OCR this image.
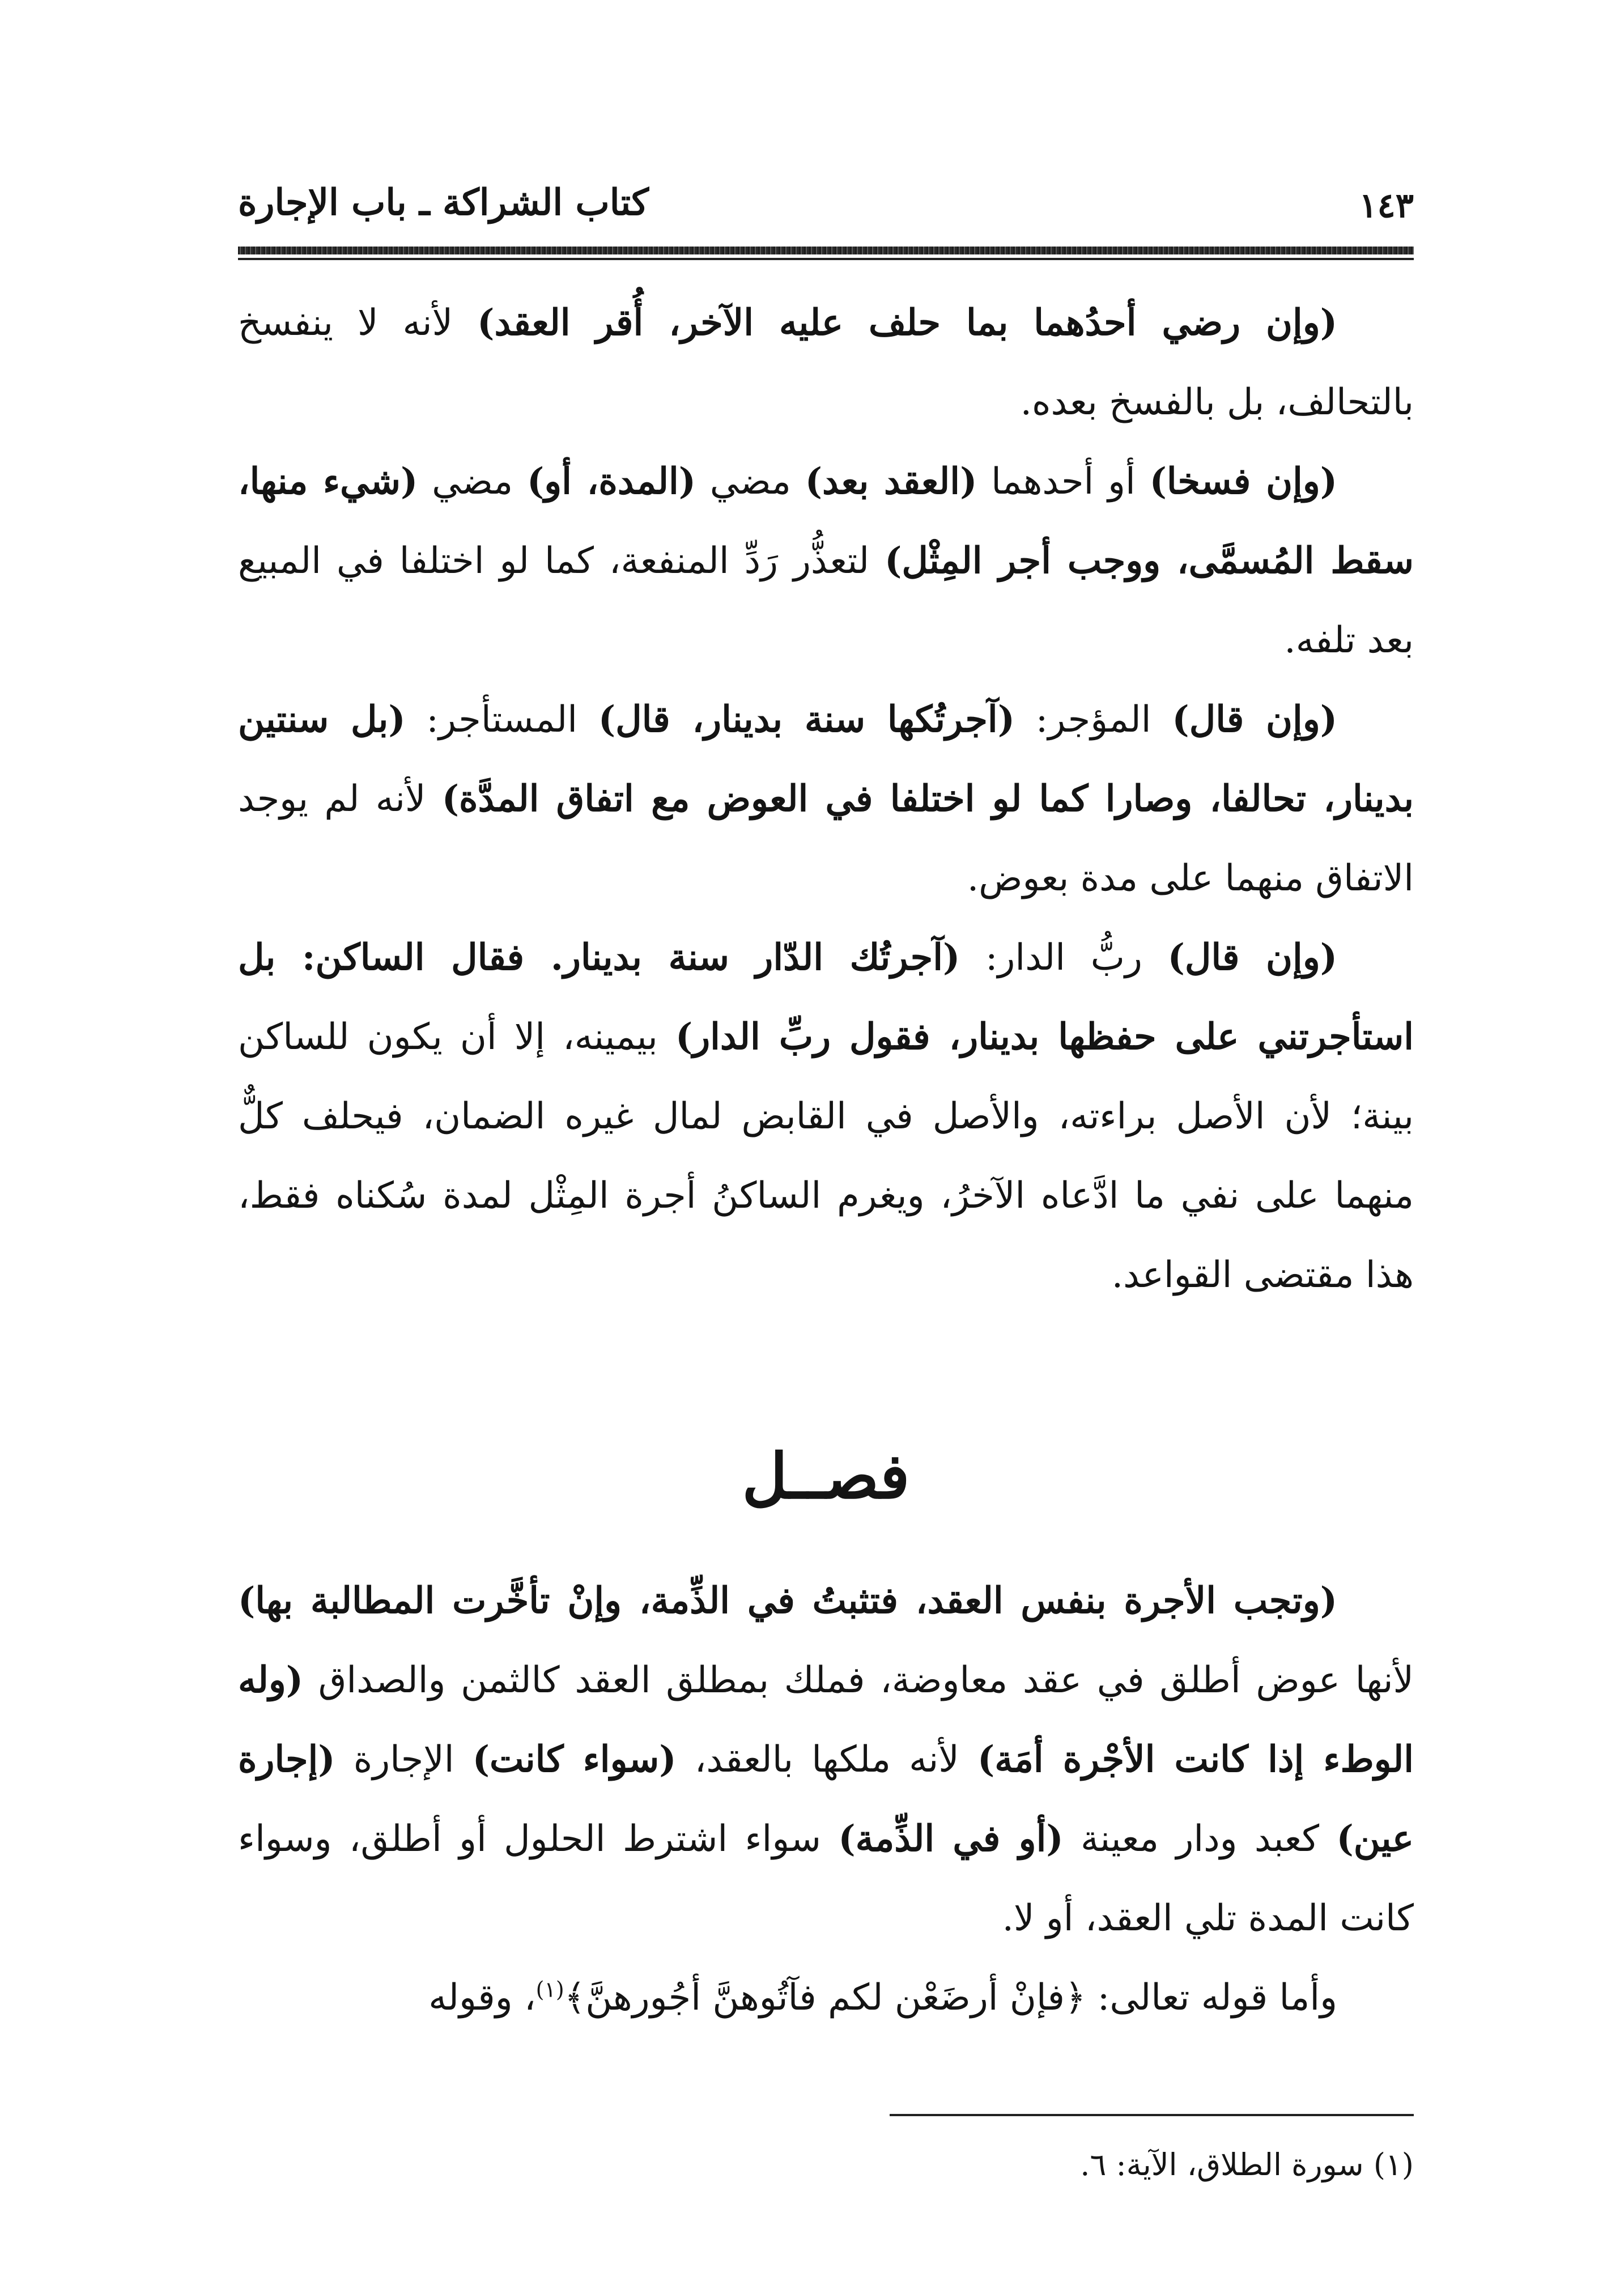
١٤٣
كتاب الشراكة ـ باب الإجارة

(وإن رضي أحدُهما بما حلف عليه الآخر، أُقر العقد) لأنه لا ينفسخ بالتحالف، بل بالفسخ بعده.

(وإن فسخا) أو أحدهما (العقد بعد) مضي (المدة، أو) مضي (شيء منها، سقط المُسمَّى، ووجب أجر المِثْل) لتعذُّر رَدِّ المنفعة، كما لو اختلفا في المبيع بعد تلفه.

(وإن قال) المؤجر: (آجرتُكها سنة بدينار، قال) المستأجر: (بل سنتين بدينار، تحالفا، وصارا كما لو اختلفا في العوض مع اتفاق المدَّة) لأنه لم يوجد الاتفاق منهما على مدة بعوض.

(وإن قال) ربُّ الدار: (آجرتُك الدّار سنة بدينار. فقال الساكن: بل استأجرتني على حفظها بدينار، فقول ربِّ الدار) بيمينه، إلا أن يكون للساكن بينة؛ لأن الأصل براءته، والأصل في القابض لمال غيره الضمان، فيحلف كلٌّ منهما على نفي ما ادَّعاه الآخرُ، ويغرم الساكنُ أجرة المِثْل لمدة سُكناه فقط، هذا مقتضى القواعد.

فصــل

(وتجب الأجرة بنفس العقد، فتثبتُ في الذِّمة، وإنْ تأخَّرت المطالبة بها) لأنها عوض أطلق في عقد معاوضة، فملك بمطلق العقد كالثمن والصداق (وله الوطء إذا كانت الأجْرة أمَة) لأنه ملكها بالعقد، (سواء كانت) الإجارة (إجارة عين) كعبد ودار معينة (أو في الذِّمة) سواء اشترط الحلول أو أطلق، وسواء كانت المدة تلي العقد، أو لا.

وأما قوله تعالى: ﴿فإنْ أرضَعْن لكم فآتُوهنَّ أجُورهنَّ﴾$^{(١)}$، وقوله

(١) سورة الطلاق، الآية: ٦.
